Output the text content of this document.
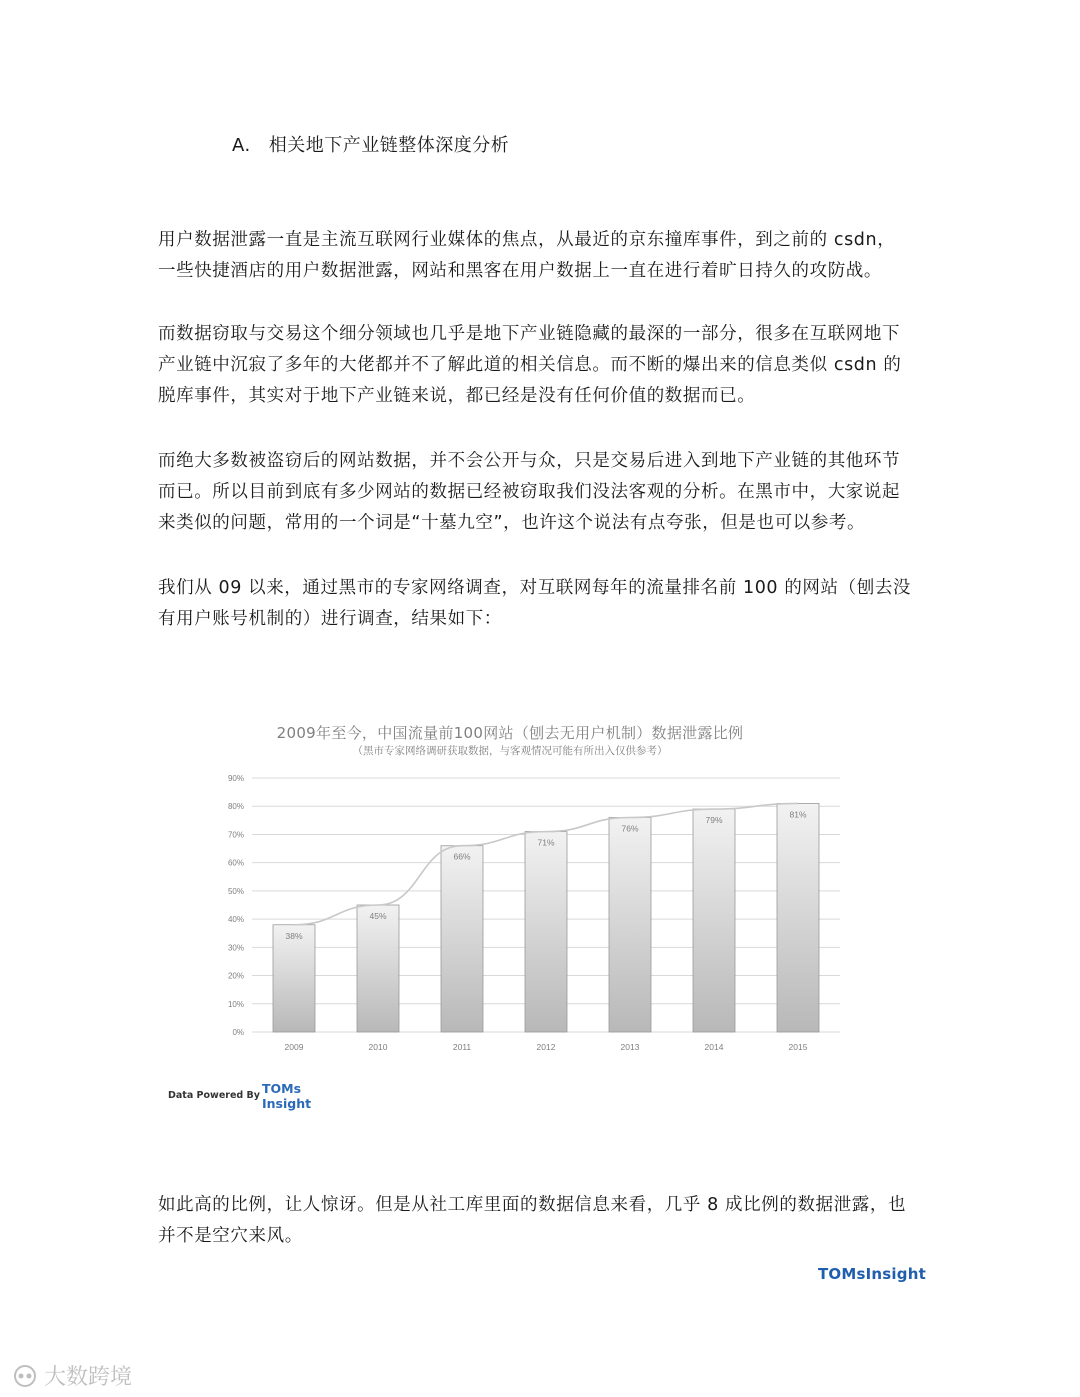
A. 相关地下产业链整体深度分析
用户数据泄露一直是主流互联网行业媒体的焦点，从最近的京东撞库事件，到之前的 csdn，
一些快捷酒店的用户数据泄露，网站和黑客在用户数据上一直在进行着旷日持久的攻防战。
而数据窃取与交易这个细分领域也几乎是地下产业链隐藏的最深的一部分，很多在互联网地下
产业链中沉寂了多年的大佬都并不了解此道的相关信息。而不断的爆出来的信息类似 csdn 的
脱库事件，其实对于地下产业链来说，都已经是没有任何价值的数据而已。
而绝大多数被盗窃后的网站数据，并不会公开与众，只是交易后进入到地下产业链的其他环节
而已。所以目前到底有多少网站的数据已经被窃取我们没法客观的分析。在黑市中，大家说起
来类似的问题，常用的一个词是“十墓九空”，也许这个说法有点夸张，但是也可以参考。
我们从 09 以来，通过黑市的专家网络调查，对互联网每年的流量排名前 100 的网站（刨去没
有用户账号机制的）进行调查，结果如下：
2009年至今，中国流量前100网站（刨去无用户机制）数据泄露比例
（黑市专家网络调研获取数据，与客观情况可能有所出入仅供参考）
0%
10%
20%
30%
40%
50%
60%
70%
80%
90%
38%
45%
66%
71%
76%
79%
81%
2009	2010	2011	2012	2013	2014	2015
Data Powered By TOMs
Insight
如此高的比例，让人惊讶。但是从社工库里面的数据信息来看，几乎 8 成比例的数据泄露，也
并不是空穴来风。
TOMsInsight
大数跨境
